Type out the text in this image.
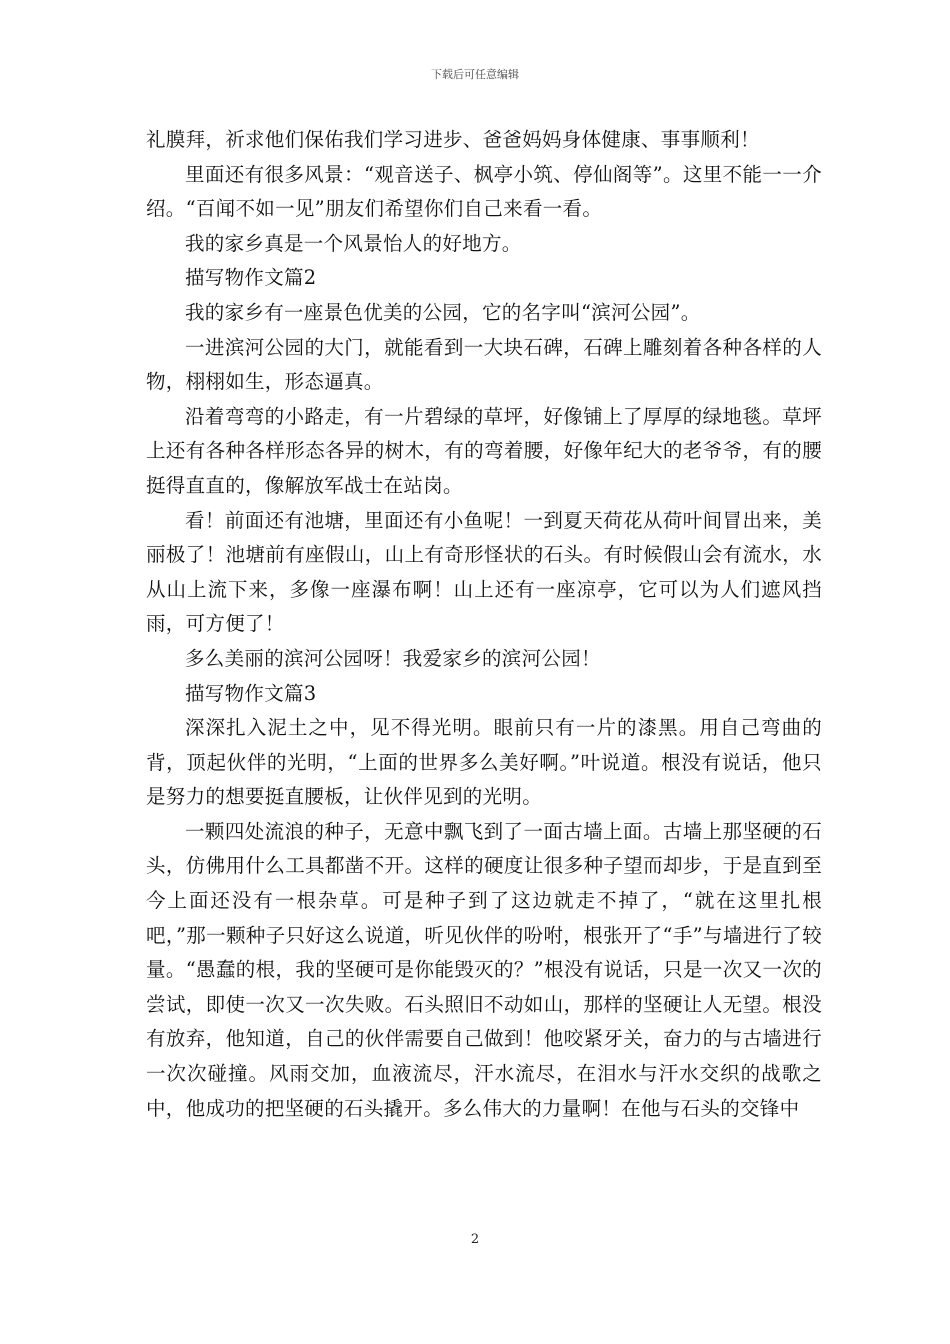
下载后可任意编辑

礼膜拜，祈求他们保佑我们学习进步、爸爸妈妈身体健康、事事顺利！

里面还有很多风景：“观音送子、枫亭小筑、停仙阁等”。这里不能一一介绍。“百闻不如一见”朋友们希望你们自己来看一看。

我的家乡真是一个风景怡人的好地方。

描写物作文篇2

我的家乡有一座景色优美的公园，它的名字叫“滨河公园”。

一进滨河公园的大门，就能看到一大块石碑，石碑上雕刻着各种各样的人物，栩栩如生，形态逼真。

沿着弯弯的小路走，有一片碧绿的草坪，好像铺上了厚厚的绿地毯。草坪上还有各种各样形态各异的树木，有的弯着腰，好像年纪大的老爷爷，有的腰挺得直直的，像解放军战士在站岗。

看！前面还有池塘，里面还有小鱼呢！一到夏天荷花从荷叶间冒出来，美丽极了！池塘前有座假山，山上有奇形怪状的石头。有时候假山会有流水，水从山上流下来，多像一座瀑布啊！山上还有一座凉亭，它可以为人们遮风挡雨，可方便了！

多么美丽的滨河公园呀！我爱家乡的滨河公园！

描写物作文篇3

深深扎入泥土之中，见不得光明。眼前只有一片的漆黑。用自己弯曲的背，顶起伙伴的光明，“上面的世界多么美好啊。”叶说道。根没有说话，他只是努力的想要挺直腰板，让伙伴见到的光明。

一颗四处流浪的种子，无意中飘飞到了一面古墙上面。古墙上那坚硬的石头，仿佛用什么工具都凿不开。这样的硬度让很多种子望而却步，于是直到至今上面还没有一根杂草。可是种子到了这边就走不掉了，“就在这里扎根吧，”那一颗种子只好这么说道，听见伙伴的吩咐，根张开了“手”与墙进行了较量。“愚蠢的根，我的坚硬可是你能毁灭的？”根没有说话，只是一次又一次的尝试，即使一次又一次失败。石头照旧不动如山，那样的坚硬让人无望。根没有放弃，他知道，自己的伙伴需要自己做到！他咬紧牙关，奋力的与古墙进行一次次碰撞。风雨交加，血液流尽，汗水流尽，在泪水与汗水交织的战歌之中，他成功的把坚硬的石头撬开。多么伟大的力量啊！在他与石头的交锋中

2
